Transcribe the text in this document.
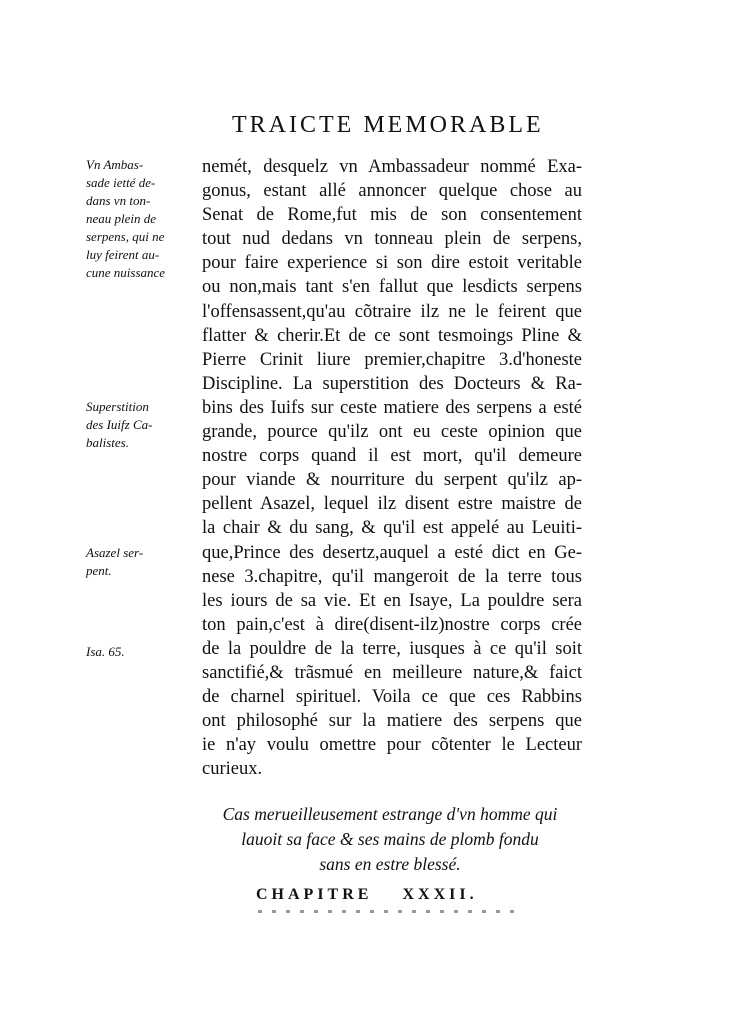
TRAICTE MEMORABLE
Vn Ambas-
sade ietté de-
dans vn ton-
neau plein de
serpens, qui ne
luy feirent au-
cune nuissance
Superstition
des Iuifz Ca-
balistes.
Asazel ser-
pent.
Isa. 65.
nemét, desquelz vn Ambassadeur nommé Exa-
gonus, estant allé annoncer quelque chose au
Senat de Rome,fut mis de son consentement
tout nud dedans vn tonneau plein de serpens,
pour faire experience si son dire estoit veritable
ou non,mais tant s'en fallut que lesdicts serpens
l'offensassent,qu'au cõtraire ilz ne le feirent que
flatter & cherir.Et de ce sont tesmoings Pline &
Pierre Crinit liure premier,chapitre 3.d'honeste
Discipline. La superstition des Docteurs & Ra-
bins des Iuifs sur ceste matiere des serpens a esté
grande, pource qu'ilz ont eu ceste opinion que
nostre corps quand il est mort, qu'il demeure
pour viande & nourriture du serpent qu'ilz ap-
pellent Asazel, lequel ilz disent estre maistre de
la chair & du sang, & qu'il est appelé au Leuiti-
que,Prince des desertz,auquel a esté dict en Ge-
nese 3.chapitre, qu'il mangeroit de la terre tous
les iours de sa vie. Et en Isaye, La pouldre sera
ton pain,c'est à dire(disent-ilz)nostre corps crée
de la pouldre de la terre, iusques à ce qu'il soit
sanctifié,& trãsmué en meilleure nature,& faict
de charnel spirituel. Voila ce que ces Rabbins
ont philosophé sur la matiere des serpens que
ie n'ay voulu omettre pour cõtenter le Lecteur
curieux.
Cas merueilleusement estrange d'vn homme qui
lauoit sa face & ses mains de plomb fondu
sans en estre blessé.
CHAPITRE XXXII.
